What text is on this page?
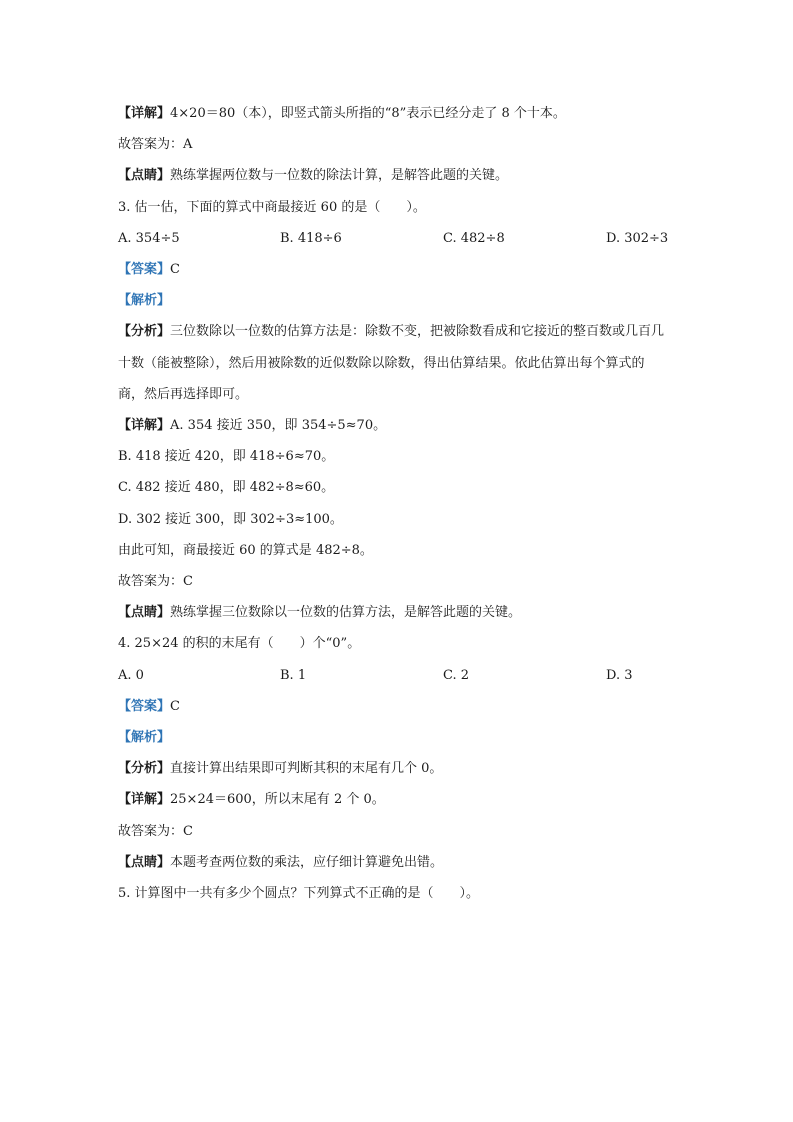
【详解】4×20＝80（本），即竖式箭头所指的“8”表示已经分走了 8 个十本。

故答案为：A

【点睛】熟练掌握两位数与一位数的除法计算，是解答此题的关键。

3. 估一估，下面的算式中商最接近 60 的是（　　）。

A. 354÷5	B. 418÷6	C. 482÷8	D. 302÷3

【答案】C

【解析】

【分析】三位数除以一位数的估算方法是：除数不变，把被除数看成和它接近的整百数或几百几十数（能被整除），然后用被除数的近似数除以除数，得出估算结果。依此估算出每个算式的商，然后再选择即可。

【详解】A. 354 接近 350，即 354÷5≈70。

B. 418 接近 420，即 418÷6≈70。

C. 482 接近 480，即 482÷8≈60。

D. 302 接近 300，即 302÷3≈100。

由此可知，商最接近 60 的算式是 482÷8。

故答案为：C

【点睛】熟练掌握三位数除以一位数的估算方法，是解答此题的关键。

4. 25×24 的积的末尾有（　　）个“0”。

A. 0	B. 1	C. 2	D. 3

【答案】C

【解析】

【分析】直接计算出结果即可判断其积的末尾有几个 0。

【详解】25×24＝600，所以末尾有 2 个 0。

故答案为：C

【点睛】本题考查两位数的乘法，应仔细计算避免出错。

5. 计算图中一共有多少个圆点？下列算式不正确的是（　　）。
